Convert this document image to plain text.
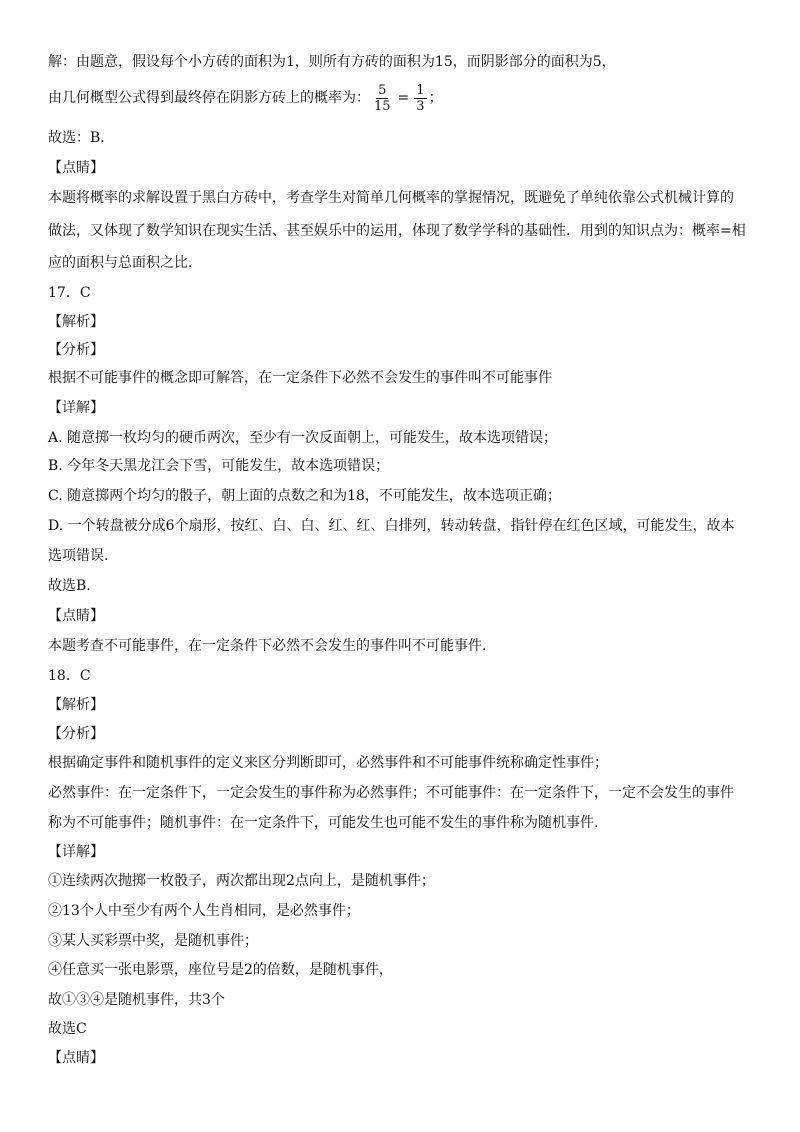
解：由题意，假设每个小方砖的面积为1，则所有方砖的面积为15，而阴影部分的面积为5，
由几何概型公式得到最终停在阴影方砖上的概率为： $\frac{5}{15} = \frac{1}{3}$ ；
故选：B．
【点睛】
本题将概率的求解设置于黑白方砖中，考查学生对简单几何概率的掌握情况，既避免了单纯依靠公式机械计算的
做法，又体现了数学知识在现实生活、甚至娱乐中的运用，体现了数学学科的基础性．用到的知识点为：概率=相
应的面积与总面积之比．
17．C
【解析】
【分析】
根据不可能事件的概念即可解答，在一定条件下必然不会发生的事件叫不可能事件
【详解】
A. 随意掷一枚均匀的硬币两次，至少有一次反面朝上，可能发生，故本选项错误；
B. 今年冬天黑龙江会下雪，可能发生，故本选项错误；
C. 随意掷两个均匀的骰子，朝上面的点数之和为18，不可能发生，故本选项正确；
D. 一个转盘被分成6个扇形，按红、白、白、红、红、白排列，转动转盘，指针停在红色区域，可能发生，故本
选项错误.
故选B.
【点睛】
本题考查不可能事件，在一定条件下必然不会发生的事件叫不可能事件.
18．C
【解析】
【分析】
根据确定事件和随机事件的定义来区分判断即可，必然事件和不可能事件统称确定性事件；
必然事件：在一定条件下，一定会发生的事件称为必然事件；不可能事件：在一定条件下，一定不会发生的事件
称为不可能事件；随机事件：在一定条件下，可能发生也可能不发生的事件称为随机事件.
【详解】
①连续两次抛掷一枚骰子，两次都出现2点向上，是随机事件；
②13个人中至少有两个人生肖相同，是必然事件；
③某人买彩票中奖，是随机事件；
④任意买一张电影票，座位号是2的倍数，是随机事件，
故①③④是随机事件，共3个
故选C
【点睛】
